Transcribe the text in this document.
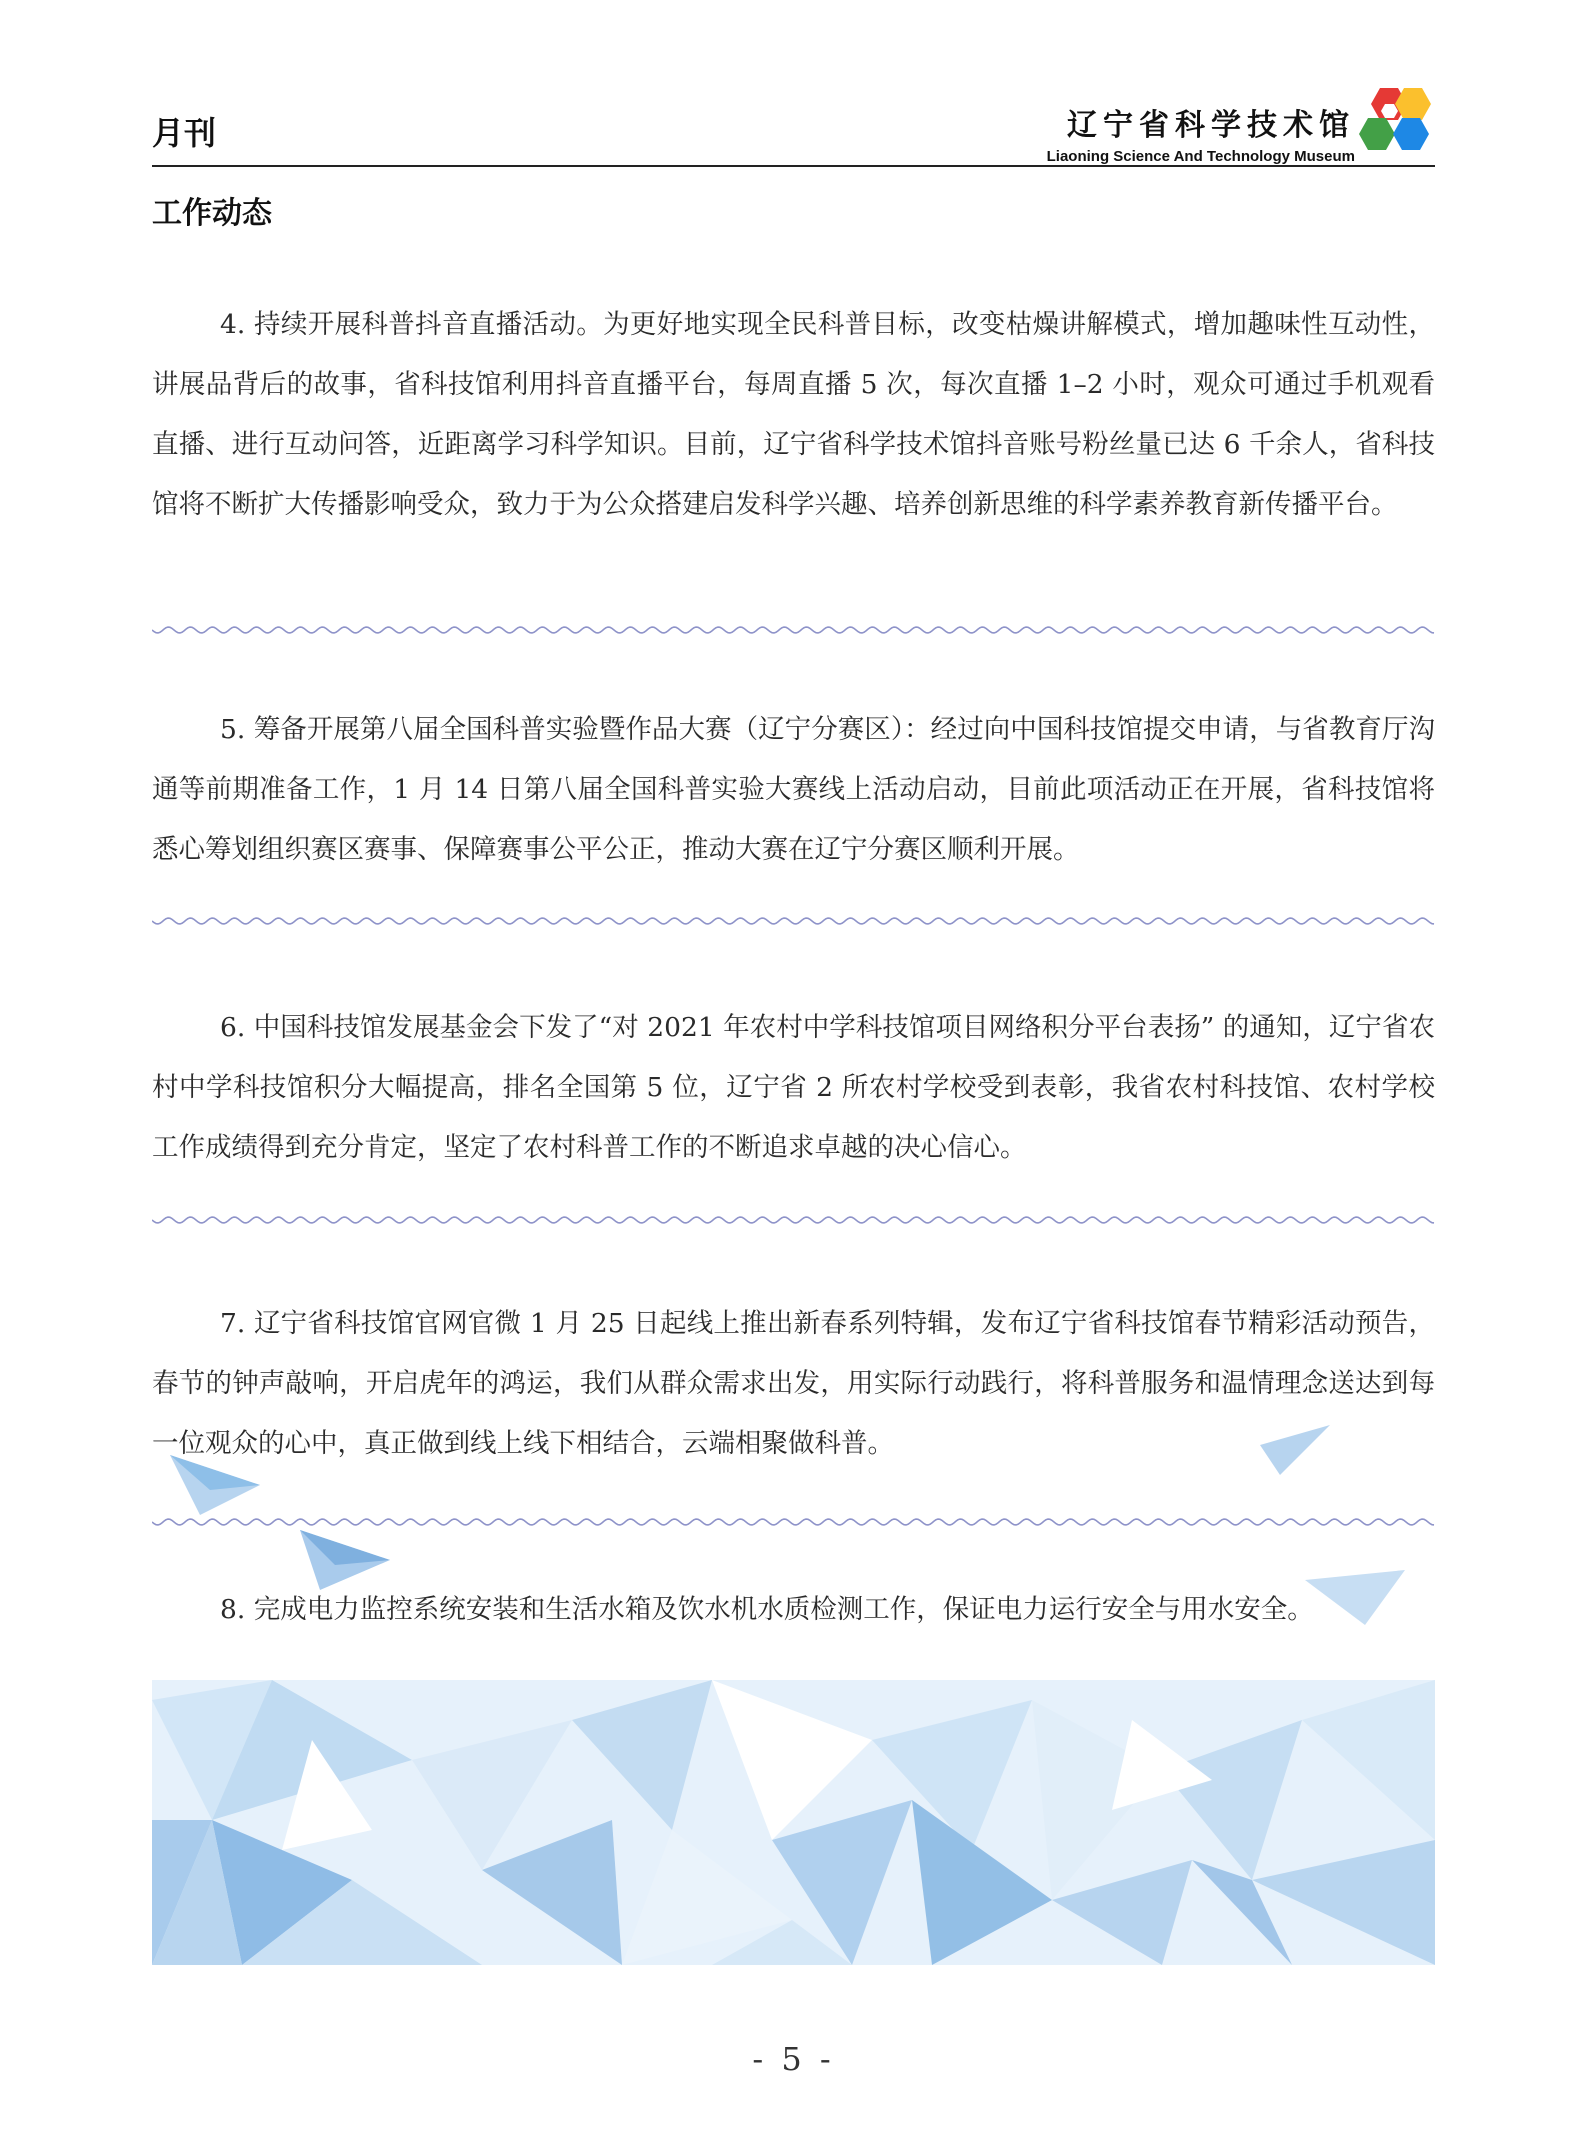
月刊	辽宁省科学技术馆
Liaoning Science And Technology Museum
工作动态

4. 持续开展科普抖音直播活动。为更好地实现全民科普目标，改变枯燥讲解模式，增加趣味性互动性，讲展品背后的故事，省科技馆利用抖音直播平台，每周直播 5 次，每次直播 1–2 小时，观众可通过手机观看直播、进行互动问答，近距离学习科学知识。目前，辽宁省科学技术馆抖音账号粉丝量已达 6 千余人，省科技馆将不断扩大传播影响受众，致力于为公众搭建启发科学兴趣、培养创新思维的科学素养教育新传播平台。

5. 筹备开展第八届全国科普实验暨作品大赛（辽宁分赛区）：经过向中国科技馆提交申请，与省教育厅沟通等前期准备工作，1 月 14 日第八届全国科普实验大赛线上活动启动，目前此项活动正在开展，省科技馆将悉心筹划组织赛区赛事、保障赛事公平公正，推动大赛在辽宁分赛区顺利开展。

6. 中国科技馆发展基金会下发了“对 2021 年农村中学科技馆项目网络积分平台表扬” 的通知，辽宁省农村中学科技馆积分大幅提高，排名全国第 5 位，辽宁省 2 所农村学校受到表彰，我省农村科技馆、农村学校工作成绩得到充分肯定，坚定了农村科普工作的不断追求卓越的决心信心。

7. 辽宁省科技馆官网官微 1 月 25 日起线上推出新春系列特辑，发布辽宁省科技馆春节精彩活动预告，春节的钟声敲响，开启虎年的鸿运，我们从群众需求出发，用实际行动践行，将科普服务和温情理念送达到每一位观众的心中，真正做到线上线下相结合，云端相聚做科普。

8. 完成电力监控系统安装和生活水箱及饮水机水质检测工作，保证电力运行安全与用水安全。

- 5 -
